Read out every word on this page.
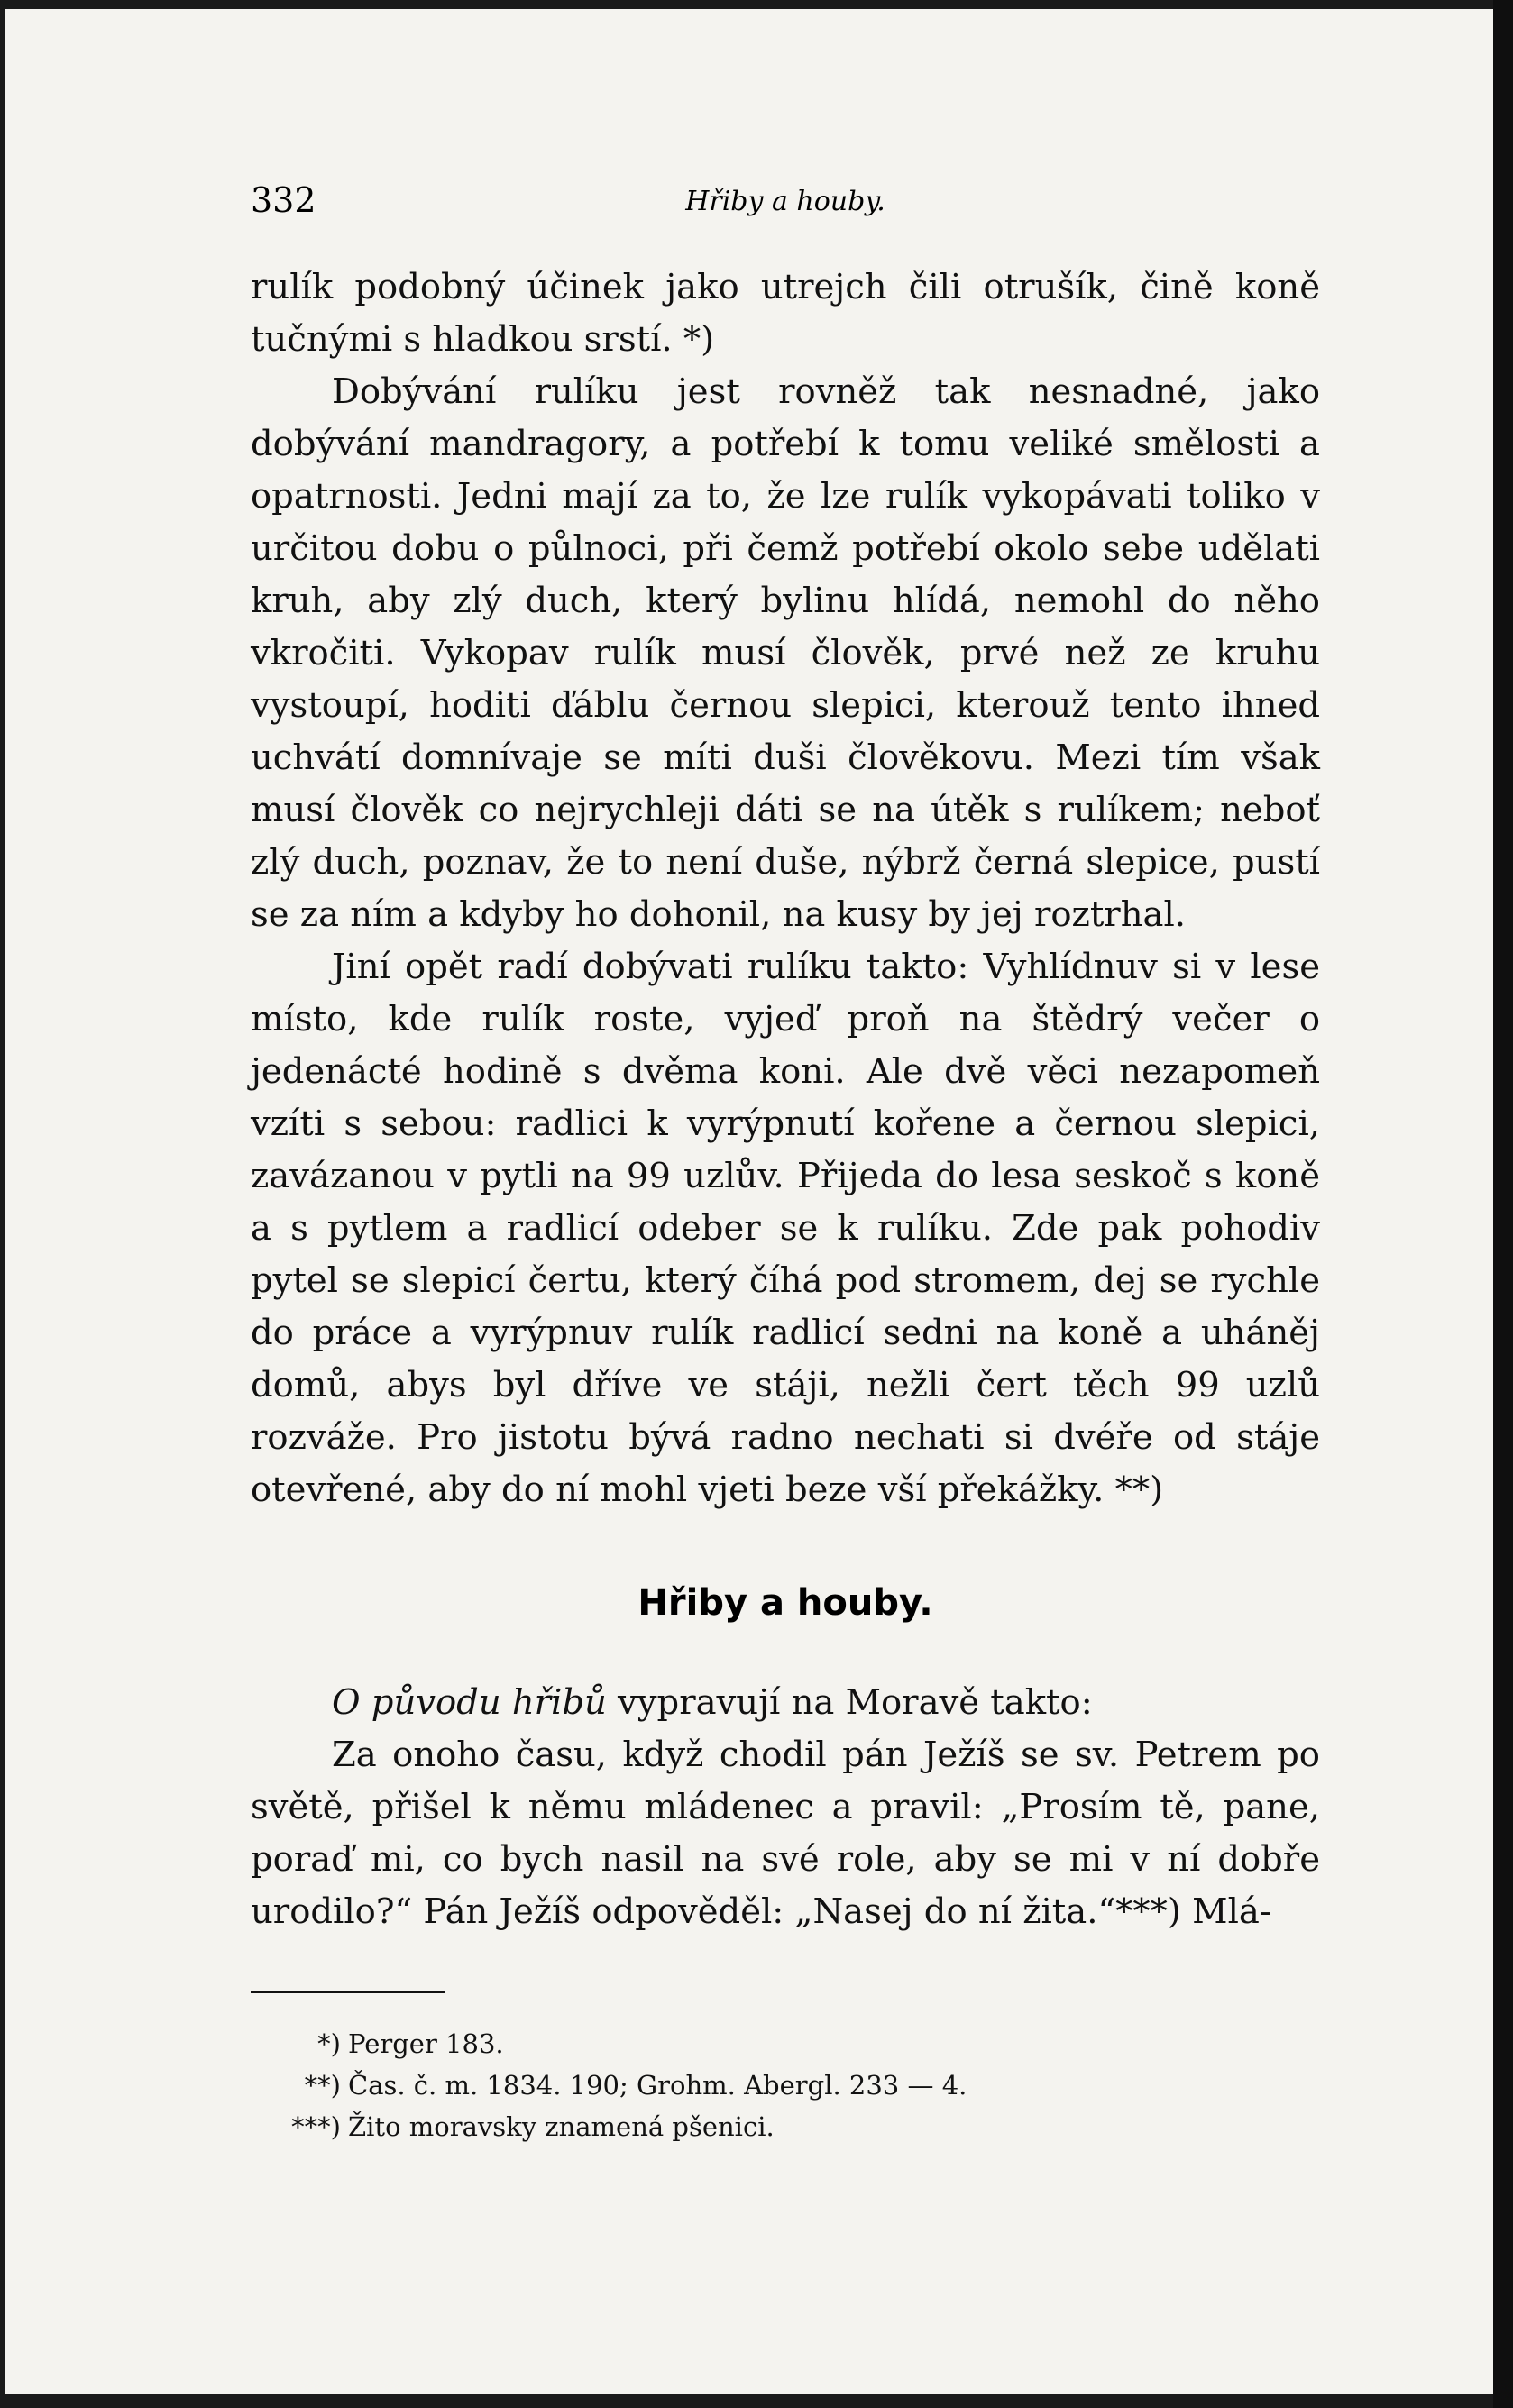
332	Hřiby a houby.

rulík podobný účinek jako utrejch čili otrušík, čině koně tučnými s hladkou srstí. *)

Dobývání rulíku jest rovněž tak nesnadné, jako dobývání mandragory, a potřebí k tomu veliké smělosti a opatrnosti. Jedni mají za to, že lze rulík vykopávati toliko v určitou dobu o půlnoci, při čemž potřebí okolo sebe udělati kruh, aby zlý duch, který bylinu hlídá, nemohl do něho vkročiti. Vykopav rulík musí člověk, prvé než ze kruhu vystoupí, hoditi ďáblu černou slepici, kterouž tento ihned uchvátí domnívaje se míti duši člověkovu. Mezi tím však musí člověk co nejrychleji dáti se na útěk s rulíkem; neboť zlý duch, poznav, že to není duše, nýbrž černá slepice, pustí se za ním a kdyby ho dohonil, na kusy by jej roztrhal.

Jiní opět radí dobývati rulíku takto: Vyhlídnuv si v lese místo, kde rulík roste, vyjeď proň na štědrý večer o jedenácté hodině s dvěma koni. Ale dvě věci nezapomeň vzíti s sebou: radlici k vyrýpnutí kořene a černou slepici, zavázanou v pytli na 99 uzlův. Přijeda do lesa seskoč s koně a s pytlem a radlicí odeber se k rulíku. Zde pak pohodiv pytel se slepicí čertu, který číhá pod stromem, dej se rychle do práce a vyrýpnuv rulík radlicí sedni na koně a uháněj domů, abys byl dříve ve stáji, nežli čert těch 99 uzlů rozváže. Pro jistotu bývá radno nechati si dvéře od stáje otevřené, aby do ní mohl vjeti beze vší překážky. **)

Hřiby a houby.

O původu hřibů vypravují na Moravě takto:

Za onoho času, když chodil pán Ježíš se sv. Petrem po světě, přišel k němu mládenec a pravil: „Prosím tě, pane, poraď mi, co bych nasil na své role, aby se mi v ní dobře urodilo?“ Pán Ježíš odpověděl: „Nasej do ní žita.“***) Mlá-

*) Perger 183.
**) Čas. č. m. 1834. 190; Grohm. Abergl. 233 — 4.
***) Žito moravsky znamená pšenici.
